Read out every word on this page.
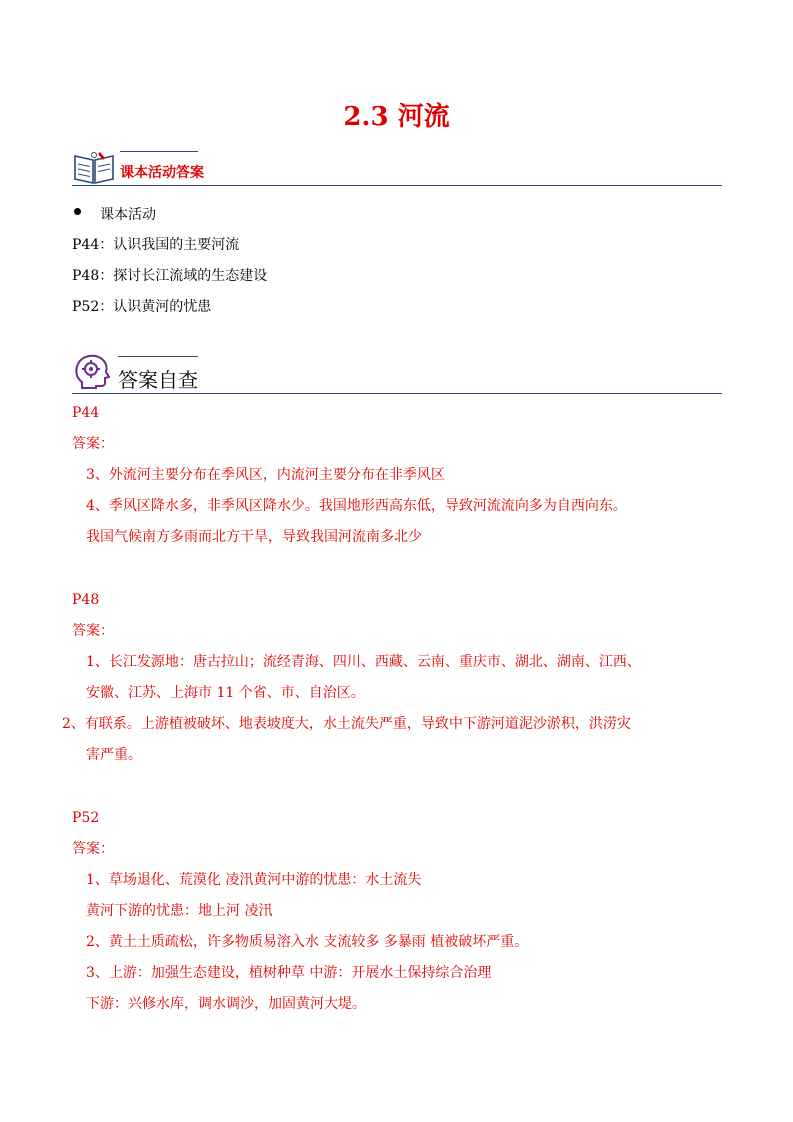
2.3 河流
课本活动答案
课本活动
P44：认识我国的主要河流
P48：探讨长江流域的生态建设
P52：认识黄河的忧患
答案自查
P44
答案：
3、外流河主要分布在季风区，内流河主要分布在非季风区
4、季风区降水多，非季风区降水少。我国地形西高东低，导致河流流向多为自西向东。
我国气候南方多雨而北方干旱，导致我国河流南多北少
P48
答案：
1、长江发源地：唐古拉山；流经青海、四川、西藏、云南、重庆市、湖北、湖南、江西、
安徽、江苏、上海市 11 个省、市、自治区。
2、有联系。上游植被破坏、地表坡度大，水土流失严重，导致中下游河道泥沙淤积，洪涝灾
害严重。
P52
答案：
1、草场退化、荒漠化 凌汛黄河中游的忧患：水土流失
黄河下游的忧患：地上河 凌汛
2、黄土土质疏松，许多物质易溶入水 支流较多 多暴雨 植被破坏严重。
3、上游：加强生态建设，植树种草 中游：开展水土保持综合治理
下游：兴修水库，调水调沙，加固黄河大堤。
